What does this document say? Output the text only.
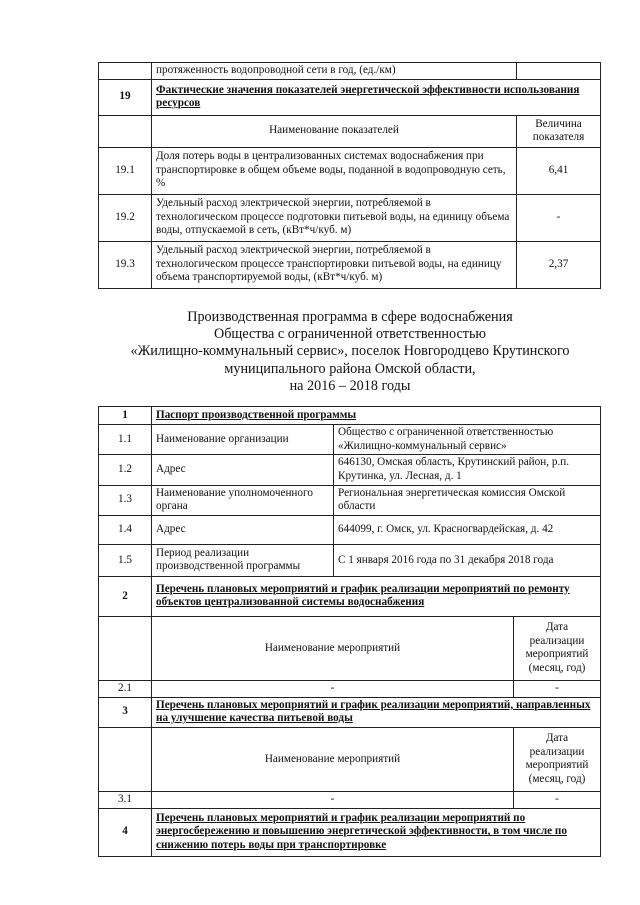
	протяженность водопроводной сети в год, (ед./км)	
19	Фактические значения показателей энергетической эффективности использования ресурсов	
	Наименование показателей	Величина показателя
19.1	Доля потерь воды в централизованных системах водоснабжения при транспортировке в общем объеме воды, поданной в водопроводную сеть, %	6,41
19.2	Удельный расход электрической энергии, потребляемой в технологическом процессе подготовки питьевой воды, на единицу объема воды, отпускаемой в сеть, (кВт*ч/куб. м)	-
19.3	Удельный расход электрической энергии, потребляемой в технологическом процессе транспортировки питьевой воды, на единицу объема транспортируемой воды, (кВт*ч/куб. м)	2,37
Производственная программа в сфере водоснабжения
Общества с ограниченной ответственностью
«Жилищно-коммунальный сервис», поселок Новгородцево Крутинского
муниципального района Омской области,
на 2016 – 2018 годы
1	Паспорт производственной программы		
1.1	Наименование организации	Общество с ограниченной ответственностью «Жилищно-коммунальный сервис»	
1.2	Адрес	646130, Омская область, Крутинский район, р.п. Крутинка, ул. Лесная, д. 1	
1.3	Наименование уполномоченного органа	Региональная энергетическая комиссия Омской области	
1.4	Адрес	644099, г. Омск, ул. Красногвардейская, д. 42	
1.5	Период реализации производственной программы	С 1 января 2016 года по 31 декабря 2018 года	
2	Перечень плановых мероприятий и график реализации мероприятий по ремонту объектов централизованной системы водоснабжения		
	Наименование мероприятий		Дата реализации мероприятий (месяц, год)
2.1	-		-
3	Перечень плановых мероприятий и график реализации мероприятий, направленных на улучшение качества питьевой воды		
	Наименование мероприятий		Дата реализации мероприятий (месяц, год)
3.1	-		-
4	Перечень плановых мероприятий и график реализации мероприятий по энергосбережению и повышению энергетической эффективности, в том числе по снижению потерь воды при транспортировке		
